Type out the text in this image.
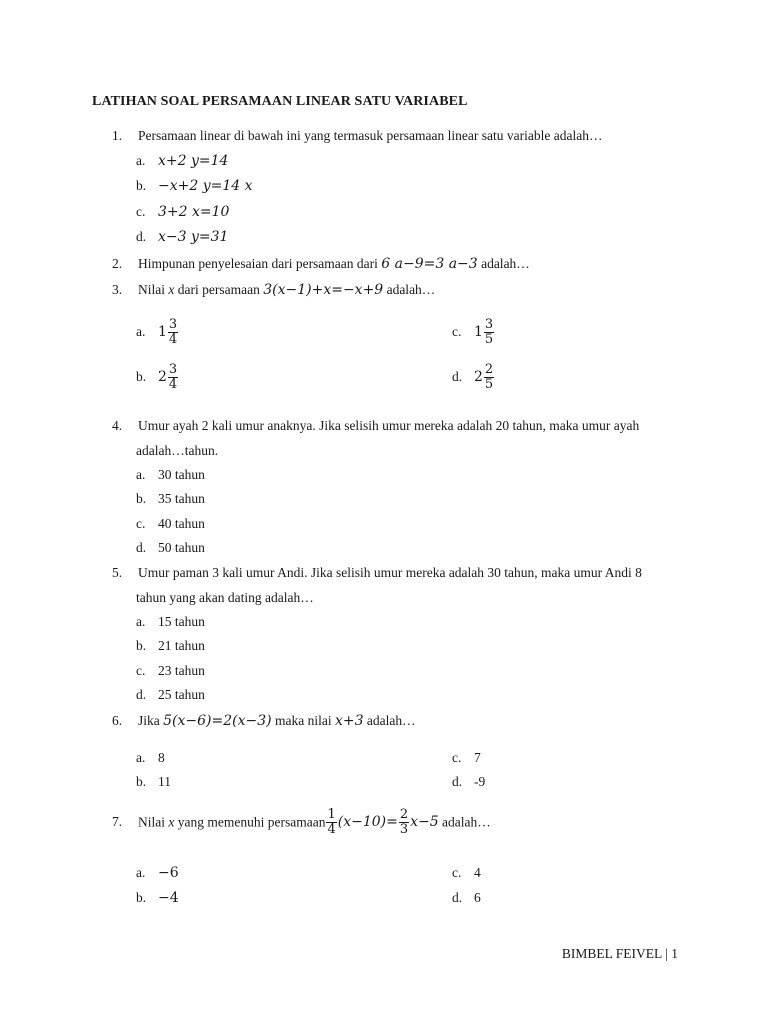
LATIHAN SOAL PERSAMAAN LINEAR SATU VARIABEL
1. Persamaan linear di bawah ini yang termasuk persamaan linear satu variable adalah…
a. x+2 y=14
b. −x+2 y=14 x
c. 3+2 x=10
d. x−3 y=31
2. Himpunan penyelesaian dari persamaan dari 6 a−9=3 a−3 adalah…
3. Nilai x dari persamaan 3(x−1)+x=−x+9 adalah…
a. $1 \frac{3}{4}$	c. $1 \frac{3}{5}$
b. $2 \frac{3}{4}$	d. $2 \frac{2}{5}$
4. Umur ayah 2 kali umur anaknya. Jika selisih umur mereka adalah 20 tahun, maka umur ayah
adalah…tahun.
a. 30 tahun
b. 35 tahun
c. 40 tahun
d. 50 tahun
5. Umur paman 3 kali umur Andi. Jika selisih umur mereka adalah 30 tahun, maka umur Andi 8
tahun yang akan dating adalah…
a. 15 tahun
b. 21 tahun
c. 23 tahun
d. 25 tahun
6. Jika 5(x−6)=2(x−3) maka nilai x+3 adalah…
a. 8	c. 7
b. 11	d. -9
7. Nilai x yang memenuhi persamaan $\frac{1}{4} (x-10)= \frac{2}{3} x-5$ adalah…
a. −6	c. 4
b. −4	d. 6
BIMBEL FEIVEL | 1
